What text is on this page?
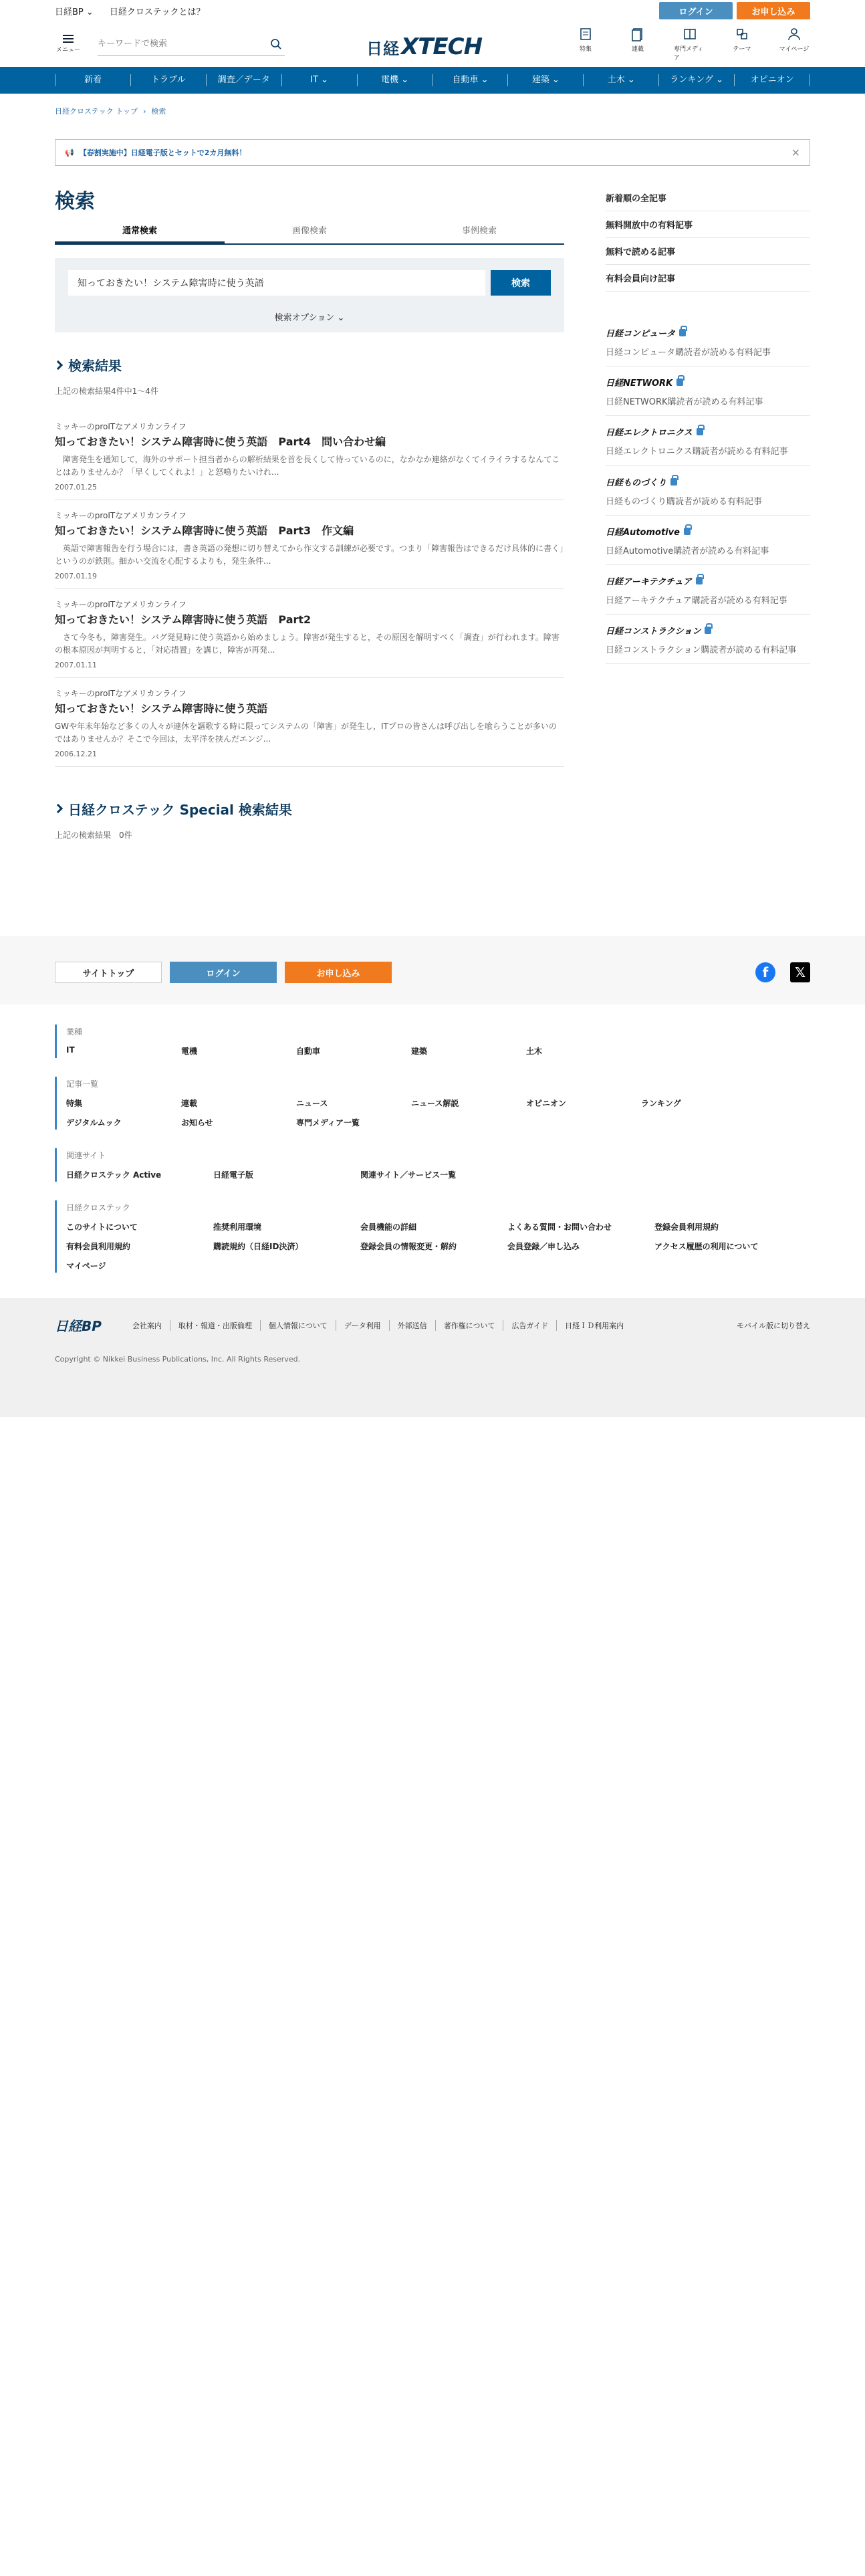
日経BP ⌄ 日経クロステックとは？	ログイン	お申し込み
メニュー
キーワードで検索	日経 XTECH	特集	連載	専門メディア
テーマ	マイページ
新着	トラブル	調査／データ	IT ⌄	電機 ⌄	自動車 ⌄	建築 ⌄	土木 ⌄	ランキング ⌄	オピニオン
日経クロステック トップ › 検索
📢 【春割実施中】日経電子版とセットで2カ月無料！	✕
検索
通常検索	画像検索	事例検索
知っておきたい！システム障害時に使う英語	検索
検索オプション ⌄
検索結果
上記の検索結果4件中1～4件
ミッキーのproITなアメリカンライフ
知っておきたい！システム障害時に使う英語　Part4　問い合わせ編
　障害発生を通知して，海外のサポート担当者からの解析結果を首を長くして待っているのに，なかなか連絡がなくてイライラするなんてことはありませんか？「早くしてくれよ！」と怒鳴りたいけれ...
2007.01.25
ミッキーのproITなアメリカンライフ
知っておきたい！システム障害時に使う英語　Part3　作文編
　英語で障害報告を行う場合には，書き英語の発想に切り替えてから作文する訓練が必要です。つまり「障害報告はできるだけ具体的に書く」というのが鉄則。細かい交流を心配するよりも，発生条件...
2007.01.19
ミッキーのproITなアメリカンライフ
知っておきたい！システム障害時に使う英語　Part2
　さて今冬も，障害発生。バグ発見時に使う英語から始めましょう。障害が発生すると，その原因を解明すべく「調査」が行われます。障害の根本原因が判明すると，「対応措置」を講じ，障害が再発...
2007.01.11
ミッキーのproITなアメリカンライフ
知っておきたい！システム障害時に使う英語
GWや年末年始など多くの人々が連休を謳歌する時に限ってシステムの「障害」が発生し，ITプロの皆さんは呼び出しを喰らうことが多いのではありませんか？そこで今回は，太平洋を挟んだエンジ...
2006.12.21
日経クロステック Special 検索結果
上記の検索結果　0件
新着順の全記事
無料開放中の有料記事
無料で読める記事
有料会員向け記事
日経コンピュータ
日経コンピュータ購読者が読める有料記事
日経NETWORK
日経NETWORK購読者が読める有料記事
日経エレクトロニクス
日経エレクトロニクス購読者が読める有料記事
日経ものづくり
日経ものづくり購読者が読める有料記事
日経Automotive
日経Automotive購読者が読める有料記事
日経アーキテクチュア
日経アーキテクチュア購読者が読める有料記事
日経コンストラクション
日経コンストラクション購読者が読める有料記事
サイトトップ	ログイン	お申し込み	f	𝕏
業種
IT	電機	自動車	建築	土木
記事一覧
特集	連載	ニュース	ニュース解説	オピニオン	ランキング
デジタルムック	お知らせ	専門メディア一覧
関連サイト
日経クロステック Active	日経電子版	関連サイト／サービス一覧
日経クロステック
このサイトについて	推奨利用環境	会員機能の詳細	よくある質問・お問い合わせ	登録会員利用規約
有料会員利用規約	購読規約（日経ID決済）	登録会員の情報変更・解約	会員登録／申し込み	アクセス履歴の利用について
マイページ
日経BP	会社案内	取材・報道・出版倫理	個人情報について	データ利用	外部送信	著作権について	広告ガイド	日経ＩＤ利用案内	モバイル版に切り替え
Copyright © Nikkei Business Publications, Inc. All Rights Reserved.
